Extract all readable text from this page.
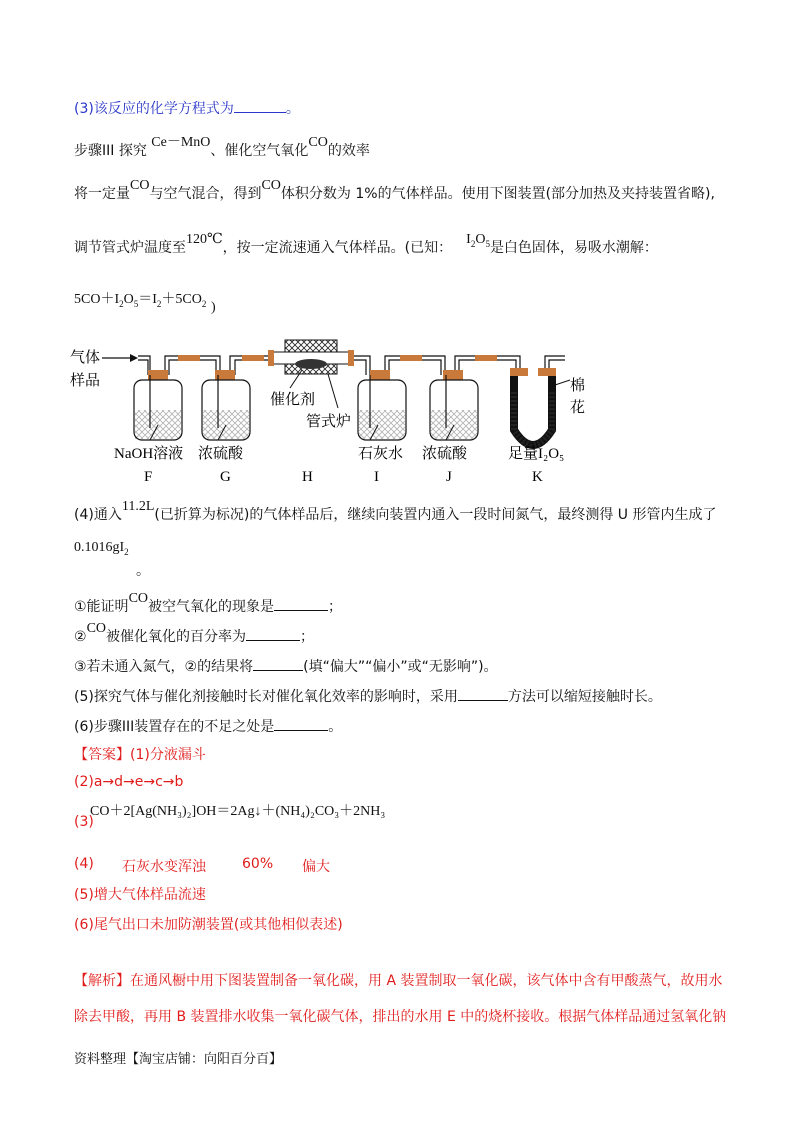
(3)该反应的化学方程式为	。
步骤III 探究 Ce－MnO、催化空气氧化CO的效率
将一定量CO与空气混合，得到CO体积分数为 1%的气体样品。使用下图装置(部分加热及夹持装置省略),
调节管式炉温度至120℃，按一定流速通入气体样品。(已知：$I_2O_5$是白色固体，易吸水潮解：
$5CO+I_2O_5=I_2+5CO_2$ )
气体
样品
催化剂
管式炉
棉
花
NaOH溶液 浓硫酸	石灰水 浓硫酸	足量I₂O₅
F	G	H	I	J	K
(4)通入11.2L(已折算为标况)的气体样品后，继续向装置内通入一段时间氮气，最终测得 U 形管内生成了
$0.1016gI_2$
。
①能证明CO被空气氧化的现象是	；
②CO被催化氧化的百分率为	；
③若未通入氮气，②的结果将	(填“偏大”“偏小”或“无影响”)。
(5)探究气体与催化剂接触时长对催化氧化效率的影响时，采用	方法可以缩短接触时长。
(6)步骤III装置存在的不足之处是	。
【答案】(1)分液漏斗
(2)a→d→e→c→b
CO＋2[Ag(NH₃)₂]OH＝2Ag↓＋(NH₄)₂CO₃＋2NH₃
(3)
(4) 石灰水变浑浊	60% 偏大
(5)增大气体样品流速
(6)尾气出口未加防潮装置(或其他相似表述)
【解析】在通风橱中用下图装置制备一氧化碳，用 A 装置制取一氧化碳，该气体中含有甲酸蒸气，故用水
除去甲酸，再用 B 装置排水收集一氧化碳气体，排出的水用 E 中的烧杯接收。根据气体样品通过氢氧化钠
资料整理【淘宝店铺：向阳百分百】
